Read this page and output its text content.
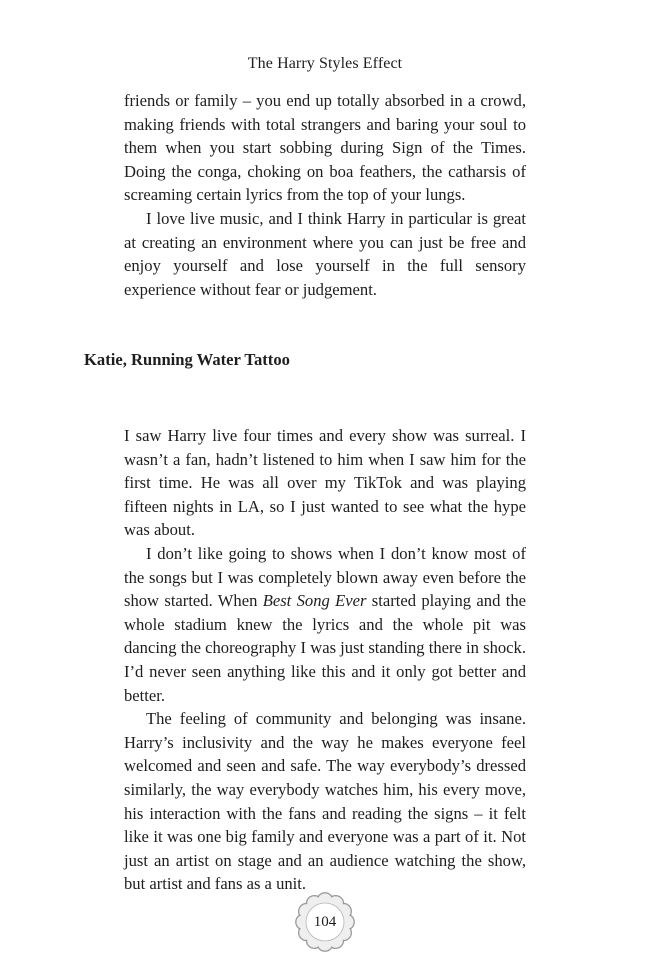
The Harry Styles Effect

friends or family – you end up totally absorbed in a crowd, making friends with total strangers and baring your soul to them when you start sobbing during Sign of the Times. Doing the conga, choking on boa feathers, the catharsis of screaming certain lyrics from the top of your lungs.

I love live music, and I think Harry in particular is great at creating an environment where you can just be free and enjoy yourself and lose yourself in the full sensory experience without fear or judgement.

Katie, Running Water Tattoo

I saw Harry live four times and every show was surreal. I wasn’t a fan, hadn’t listened to him when I saw him for the first time. He was all over my TikTok and was playing fifteen nights in LA, so I just wanted to see what the hype was about.

I don’t like going to shows when I don’t know most of the songs but I was completely blown away even before the show started. When Best Song Ever started playing and the whole stadium knew the lyrics and the whole pit was dancing the choreography I was just standing there in shock. I’d never seen anything like this and it only got better and better.

The feeling of community and belonging was insane. Harry’s inclusivity and the way he makes everyone feel welcomed and seen and safe. The way everybody’s dressed similarly, the way everybody watches him, his every move, his interaction with the fans and reading the signs – it felt like it was one big family and everyone was a part of it. Not just an artist on stage and an audience watching the show, but artist and fans as a unit.

104
